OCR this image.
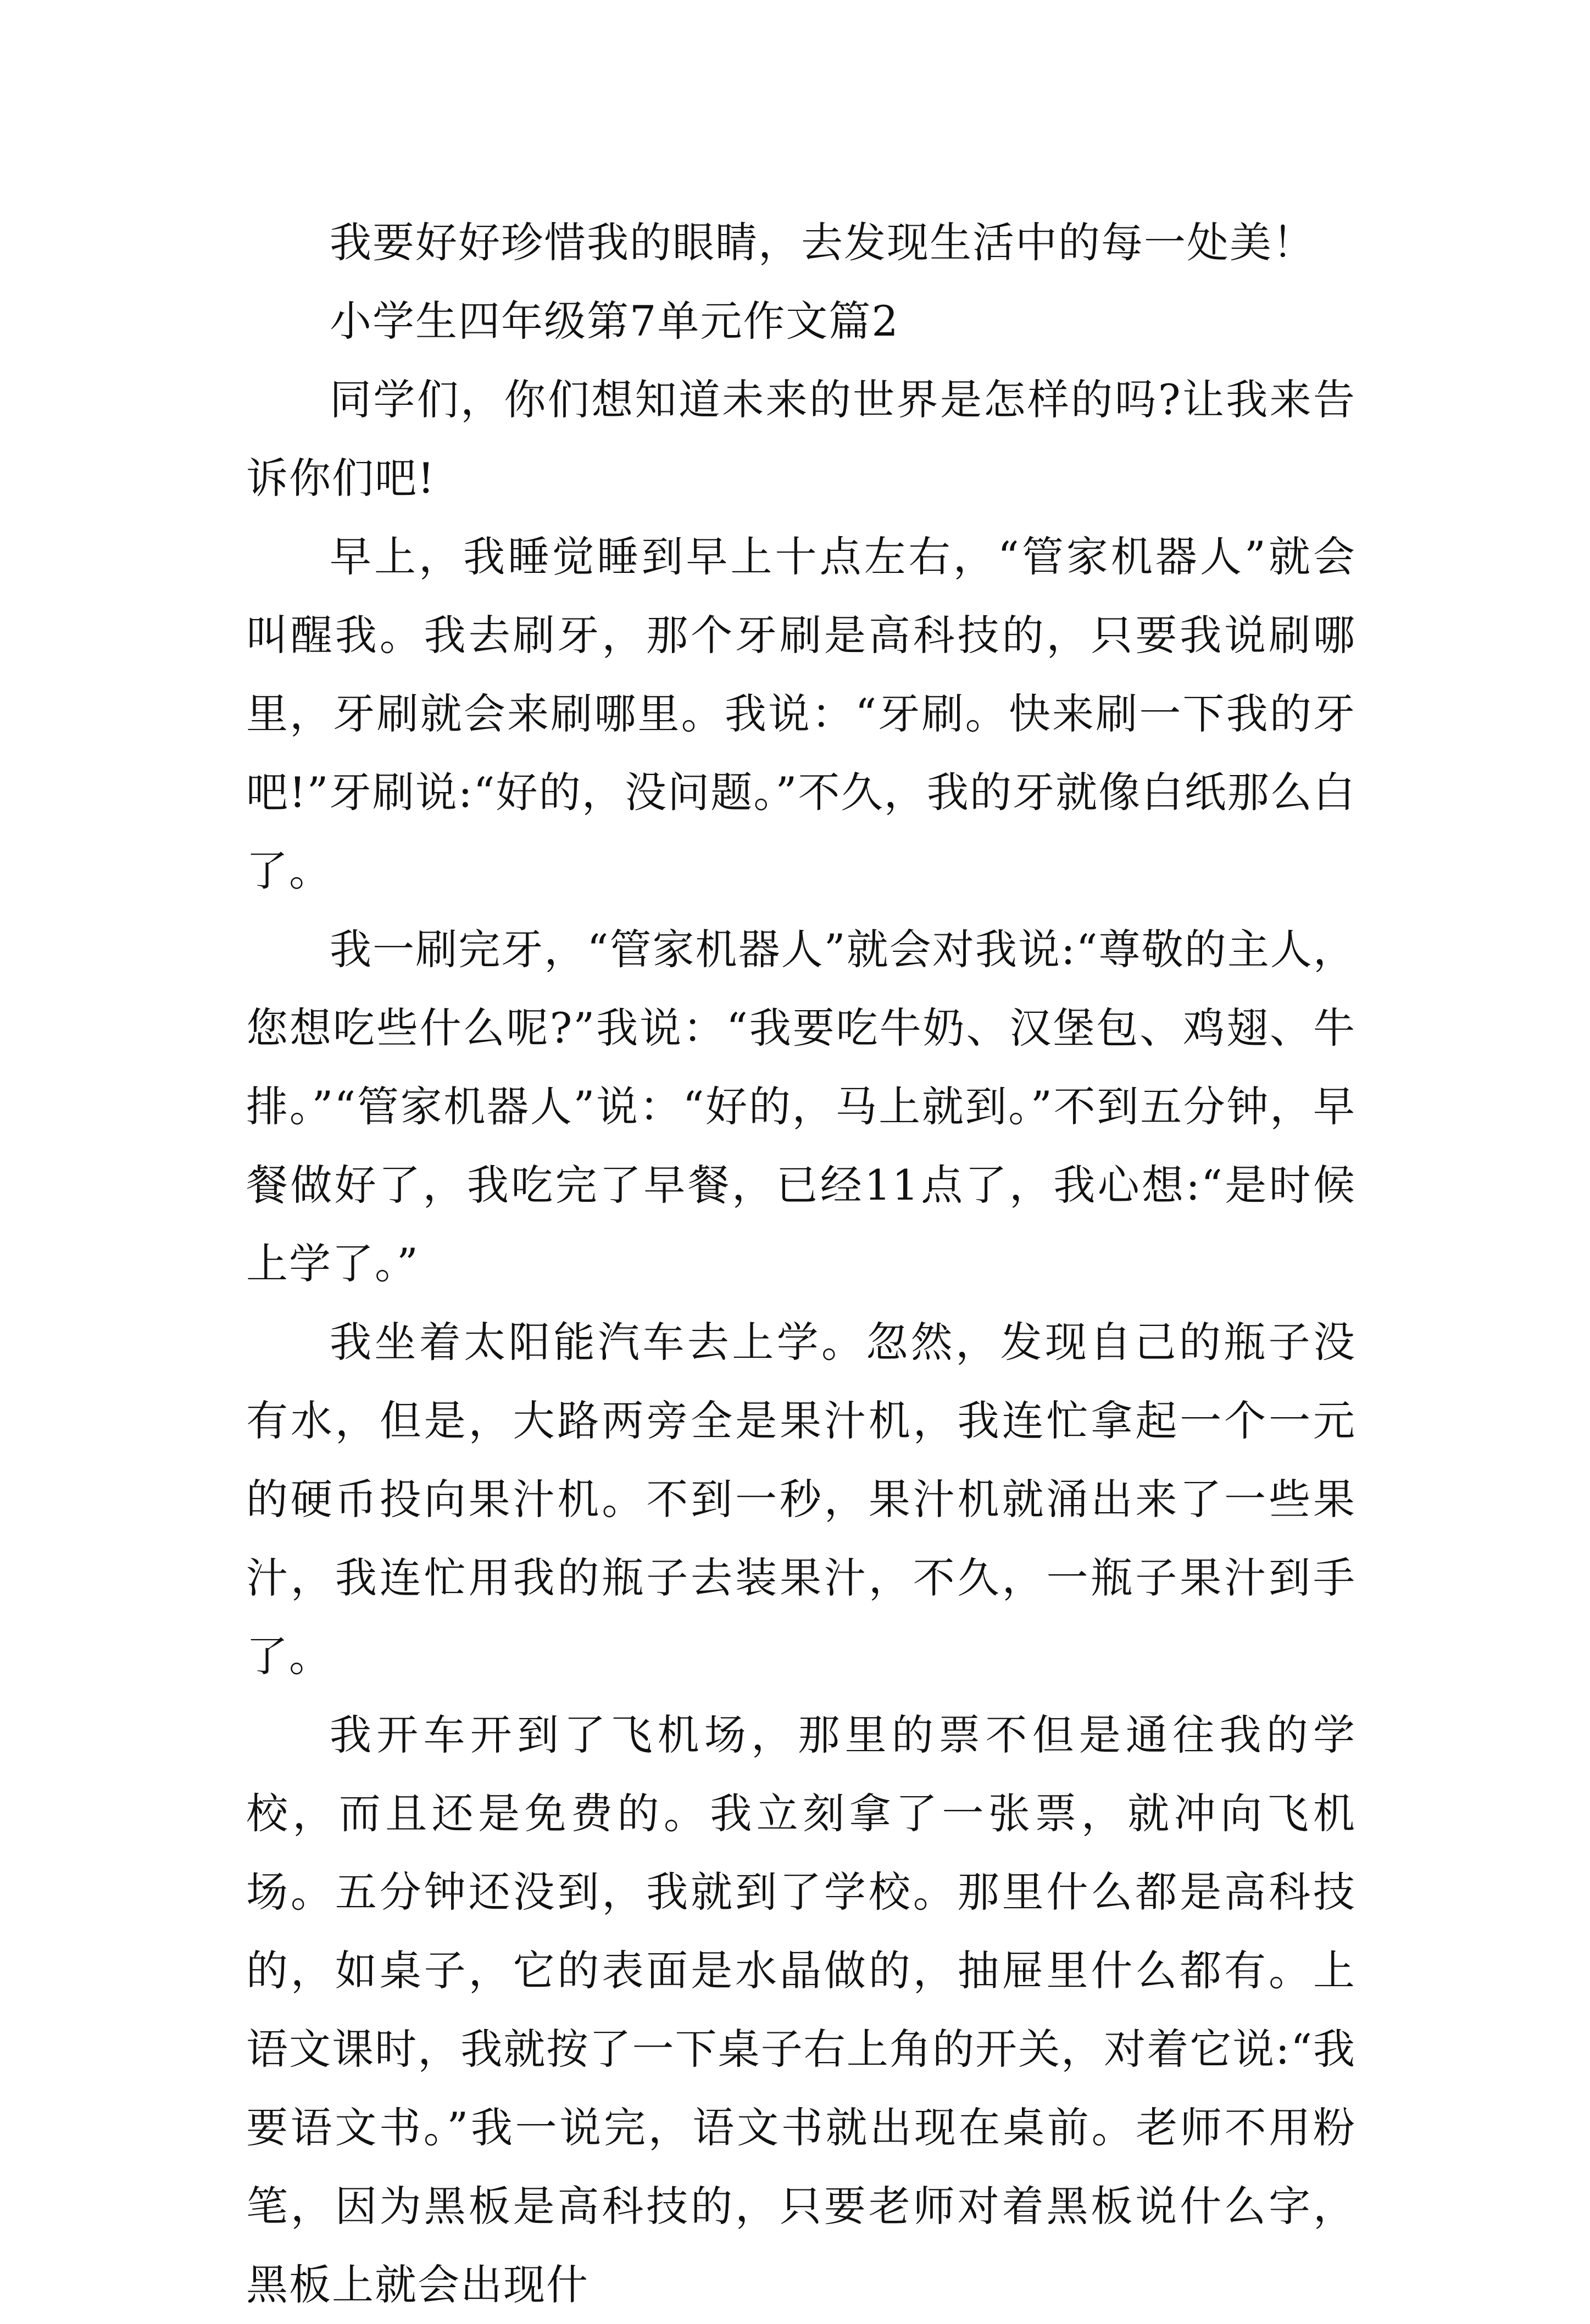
我要好好珍惜我的眼睛，去发现生活中的每一处美！

小学生四年级第7单元作文篇2

同学们，你们想知道未来的世界是怎样的吗?让我来告诉你们吧!

早上，我睡觉睡到早上十点左右，“管家机器人”就会叫醒我。我去刷牙，那个牙刷是高科技的，只要我说刷哪里，牙刷就会来刷哪里。我说：“牙刷。快来刷一下我的牙吧!”牙刷说:“好的，没问题。”不久，我的牙就像白纸那么白了。

我一刷完牙，“管家机器人”就会对我说:“尊敬的主人，您想吃些什么呢?”我说：“我要吃牛奶、汉堡包、鸡翅、牛排。”“管家机器人”说：“好的，马上就到。”不到五分钟，早餐做好了，我吃完了早餐，已经11点了，我心想:“是时候上学了。”

我坐着太阳能汽车去上学。忽然，发现自己的瓶子没有水，但是，大路两旁全是果汁机，我连忙拿起一个一元的硬币投向果汁机。不到一秒，果汁机就涌出来了一些果汁，我连忙用我的瓶子去装果汁，不久，一瓶子果汁到手了。

我开车开到了飞机场，那里的票不但是通往我的学校，而且还是免费的。我立刻拿了一张票，就冲向飞机场。五分钟还没到，我就到了学校。那里什么都是高科技的，如桌子，它的表面是水晶做的，抽屉里什么都有。上语文课时，我就按了一下桌子右上角的开关，对着它说:“我要语文书。”我一说完，语文书就出现在桌前。老师不用粉笔，因为黑板是高科技的，只要老师对着黑板说什么字，黑板上就会出现什
